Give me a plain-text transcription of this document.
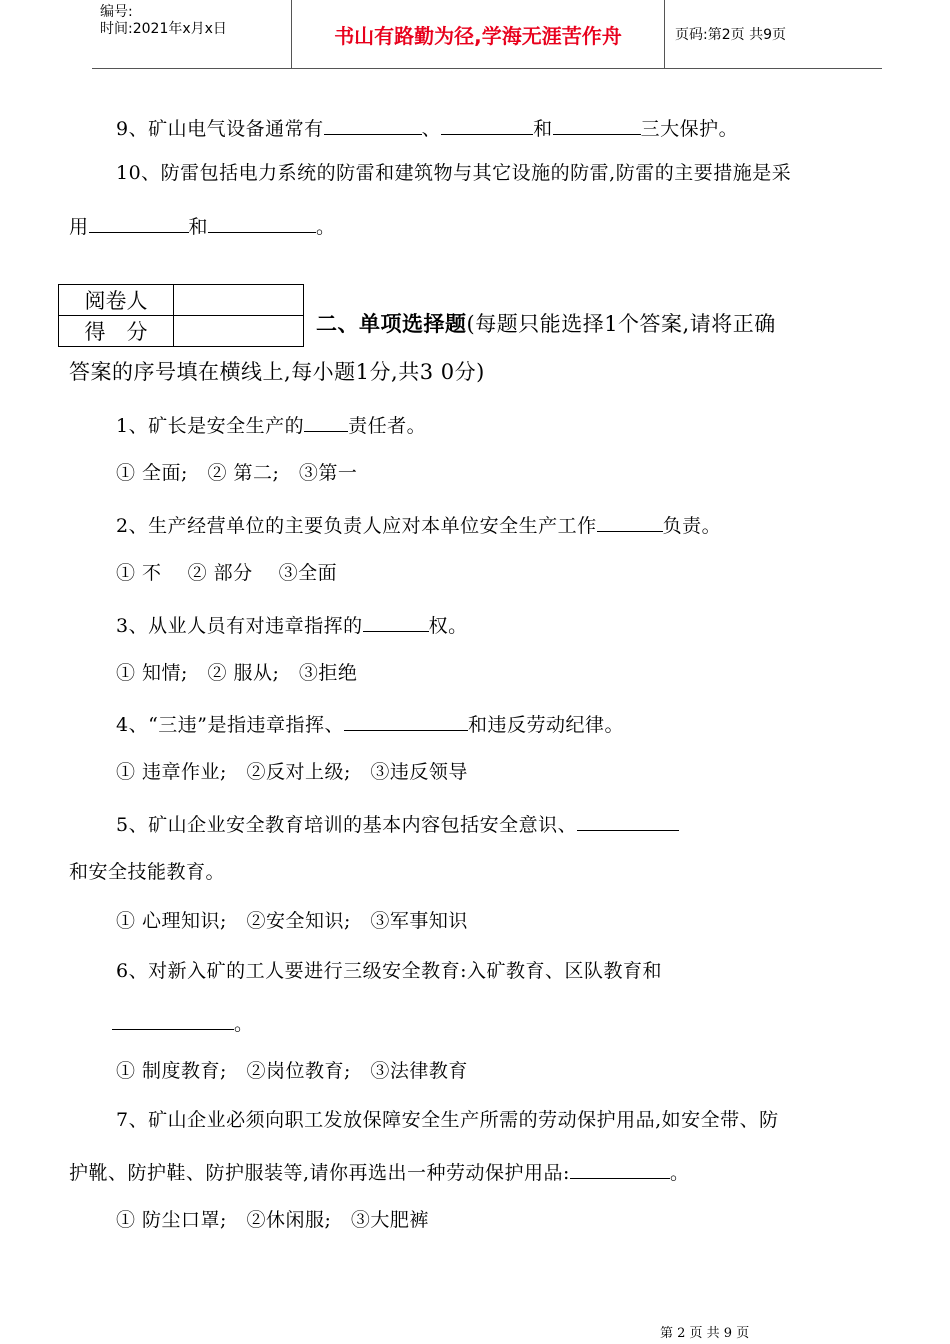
编号:
时间:2021年x月x日	书山有路勤为径,学海无涯苦作舟	页码:第2页 共9页
9、矿山电气设备通常有	、	和	三大保护。
10、防雷包括电力系统的防雷和建筑物与其它设施的防雷,防雷的主要措施是采
用	和	。
阅卷人	
得　分		二、单项选择题(每题只能选择1个答案,请将正确
答案的序号填在横线上,每小题1分,共3 0分)
1、矿长是安全生产的 责任者。
① 全面;　② 第二;　③第一
2、生产经营单位的主要负责人应对本单位安全生产工作	负责。
① 不　 ② 部分　 ③全面
3、从业人员有对违章指挥的	权。
① 知情;　② 服从;　③拒绝
4、“三违”是指违章指挥、	和违反劳动纪律。
① 违章作业;　②反对上级;　③违反领导
5、矿山企业安全教育培训的基本内容包括安全意识、
和安全技能教育。
① 心理知识;　②安全知识;　③军事知识
6、对新入矿的工人要进行三级安全教育:入矿教育、区队教育和
。
① 制度教育;　②岗位教育;　③法律教育
7、矿山企业必须向职工发放保障安全生产所需的劳动保护用品,如安全带、防
护靴、防护鞋、防护服装等,请你再选出一种劳动保护用品:	。
① 防尘口罩;　②休闲服;　③大肥裤
第 2 页 共 9 页
